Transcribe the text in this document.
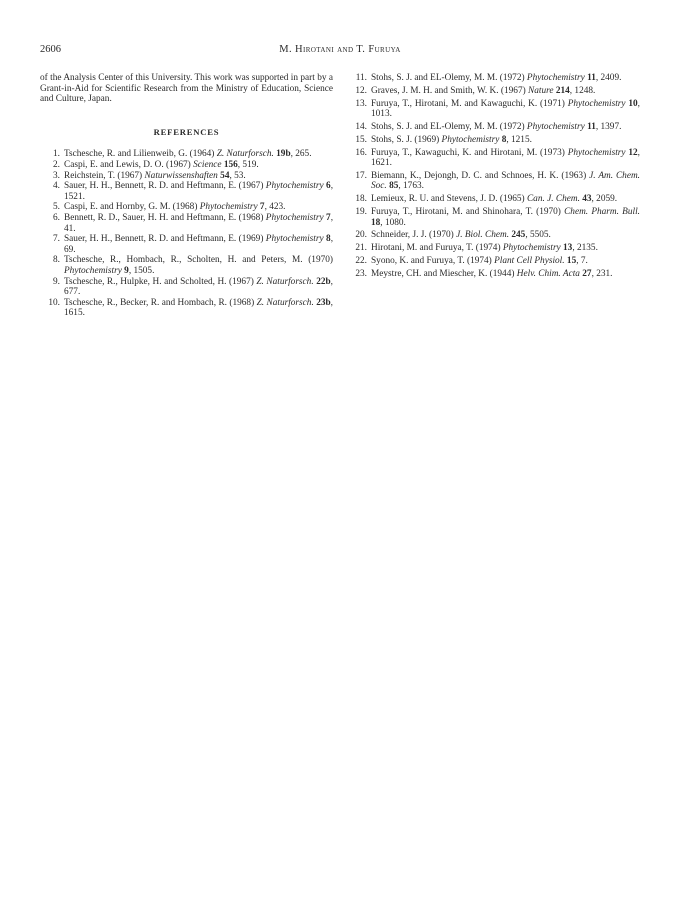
2606	M. Hirotani and T. Furuya

of the Analysis Center of this University. This work was supported in part by a Grant-in-Aid for Scientific Research from the Ministry of Education, Science and Culture, Japan.

REFERENCES
1. Tschesche, R. and Lilienweib, G. (1964) Z. Naturforsch. 19b, 265.
2. Caspi, E. and Lewis, D. O. (1967) Science 156, 519.
3. Reichstein, T. (1967) Naturwissenshaften 54, 53.
4. Sauer, H. H., Bennett, R. D. and Heftmann, E. (1967) Phytochemistry 6, 1521.
5. Caspi, E. and Hornby, G. M. (1968) Phytochemistry 7, 423.
6. Bennett, R. D., Sauer, H. H. and Heftmann, E. (1968) Phytochemistry 7, 41.
7. Sauer, H. H., Bennett, R. D. and Heftmann, E. (1969) Phytochemistry 8, 69.
8. Tschesche, R., Hombach, R., Scholten, H. and Peters, M. (1970) Phytochemistry 9, 1505.
9. Tschesche, R., Hulpke, H. and Scholted, H. (1967) Z. Naturforsch. 22b, 677.
10. Tschesche, R., Becker, R. and Hombach, R. (1968) Z. Naturforsch. 23b, 1615.
11. Stohs, S. J. and EL-Olemy, M. M. (1972) Phytochemistry 11, 2409.
12. Graves, J. M. H. and Smith, W. K. (1967) Nature 214, 1248.
13. Furuya, T., Hirotani, M. and Kawaguchi, K. (1971) Phytochemistry 10, 1013.
14. Stohs, S. J. and EL-Olemy, M. M. (1972) Phytochemistry 11, 1397.
15. Stohs, S. J. (1969) Phytochemistry 8, 1215.
16. Furuya, T., Kawaguchi, K. and Hirotani, M. (1973) Phytochemistry 12, 1621.
17. Biemann, K., Dejongh, D. C. and Schnoes, H. K. (1963) J. Am. Chem. Soc. 85, 1763.
18. Lemieux, R. U. and Stevens, J. D. (1965) Can. J. Chem. 43, 2059.
19. Furuya, T., Hirotani, M. and Shinohara, T. (1970) Chem. Pharm. Bull. 18, 1080.
20. Schneider, J. J. (1970) J. Biol. Chem. 245, 5505.
21. Hirotani, M. and Furuya, T. (1974) Phytochemistry 13, 2135.
22. Syono, K. and Furuya, T. (1974) Plant Cell Physiol. 15, 7.
23. Meystre, CH. and Miescher, K. (1944) Helv. Chim. Acta 27, 231.
